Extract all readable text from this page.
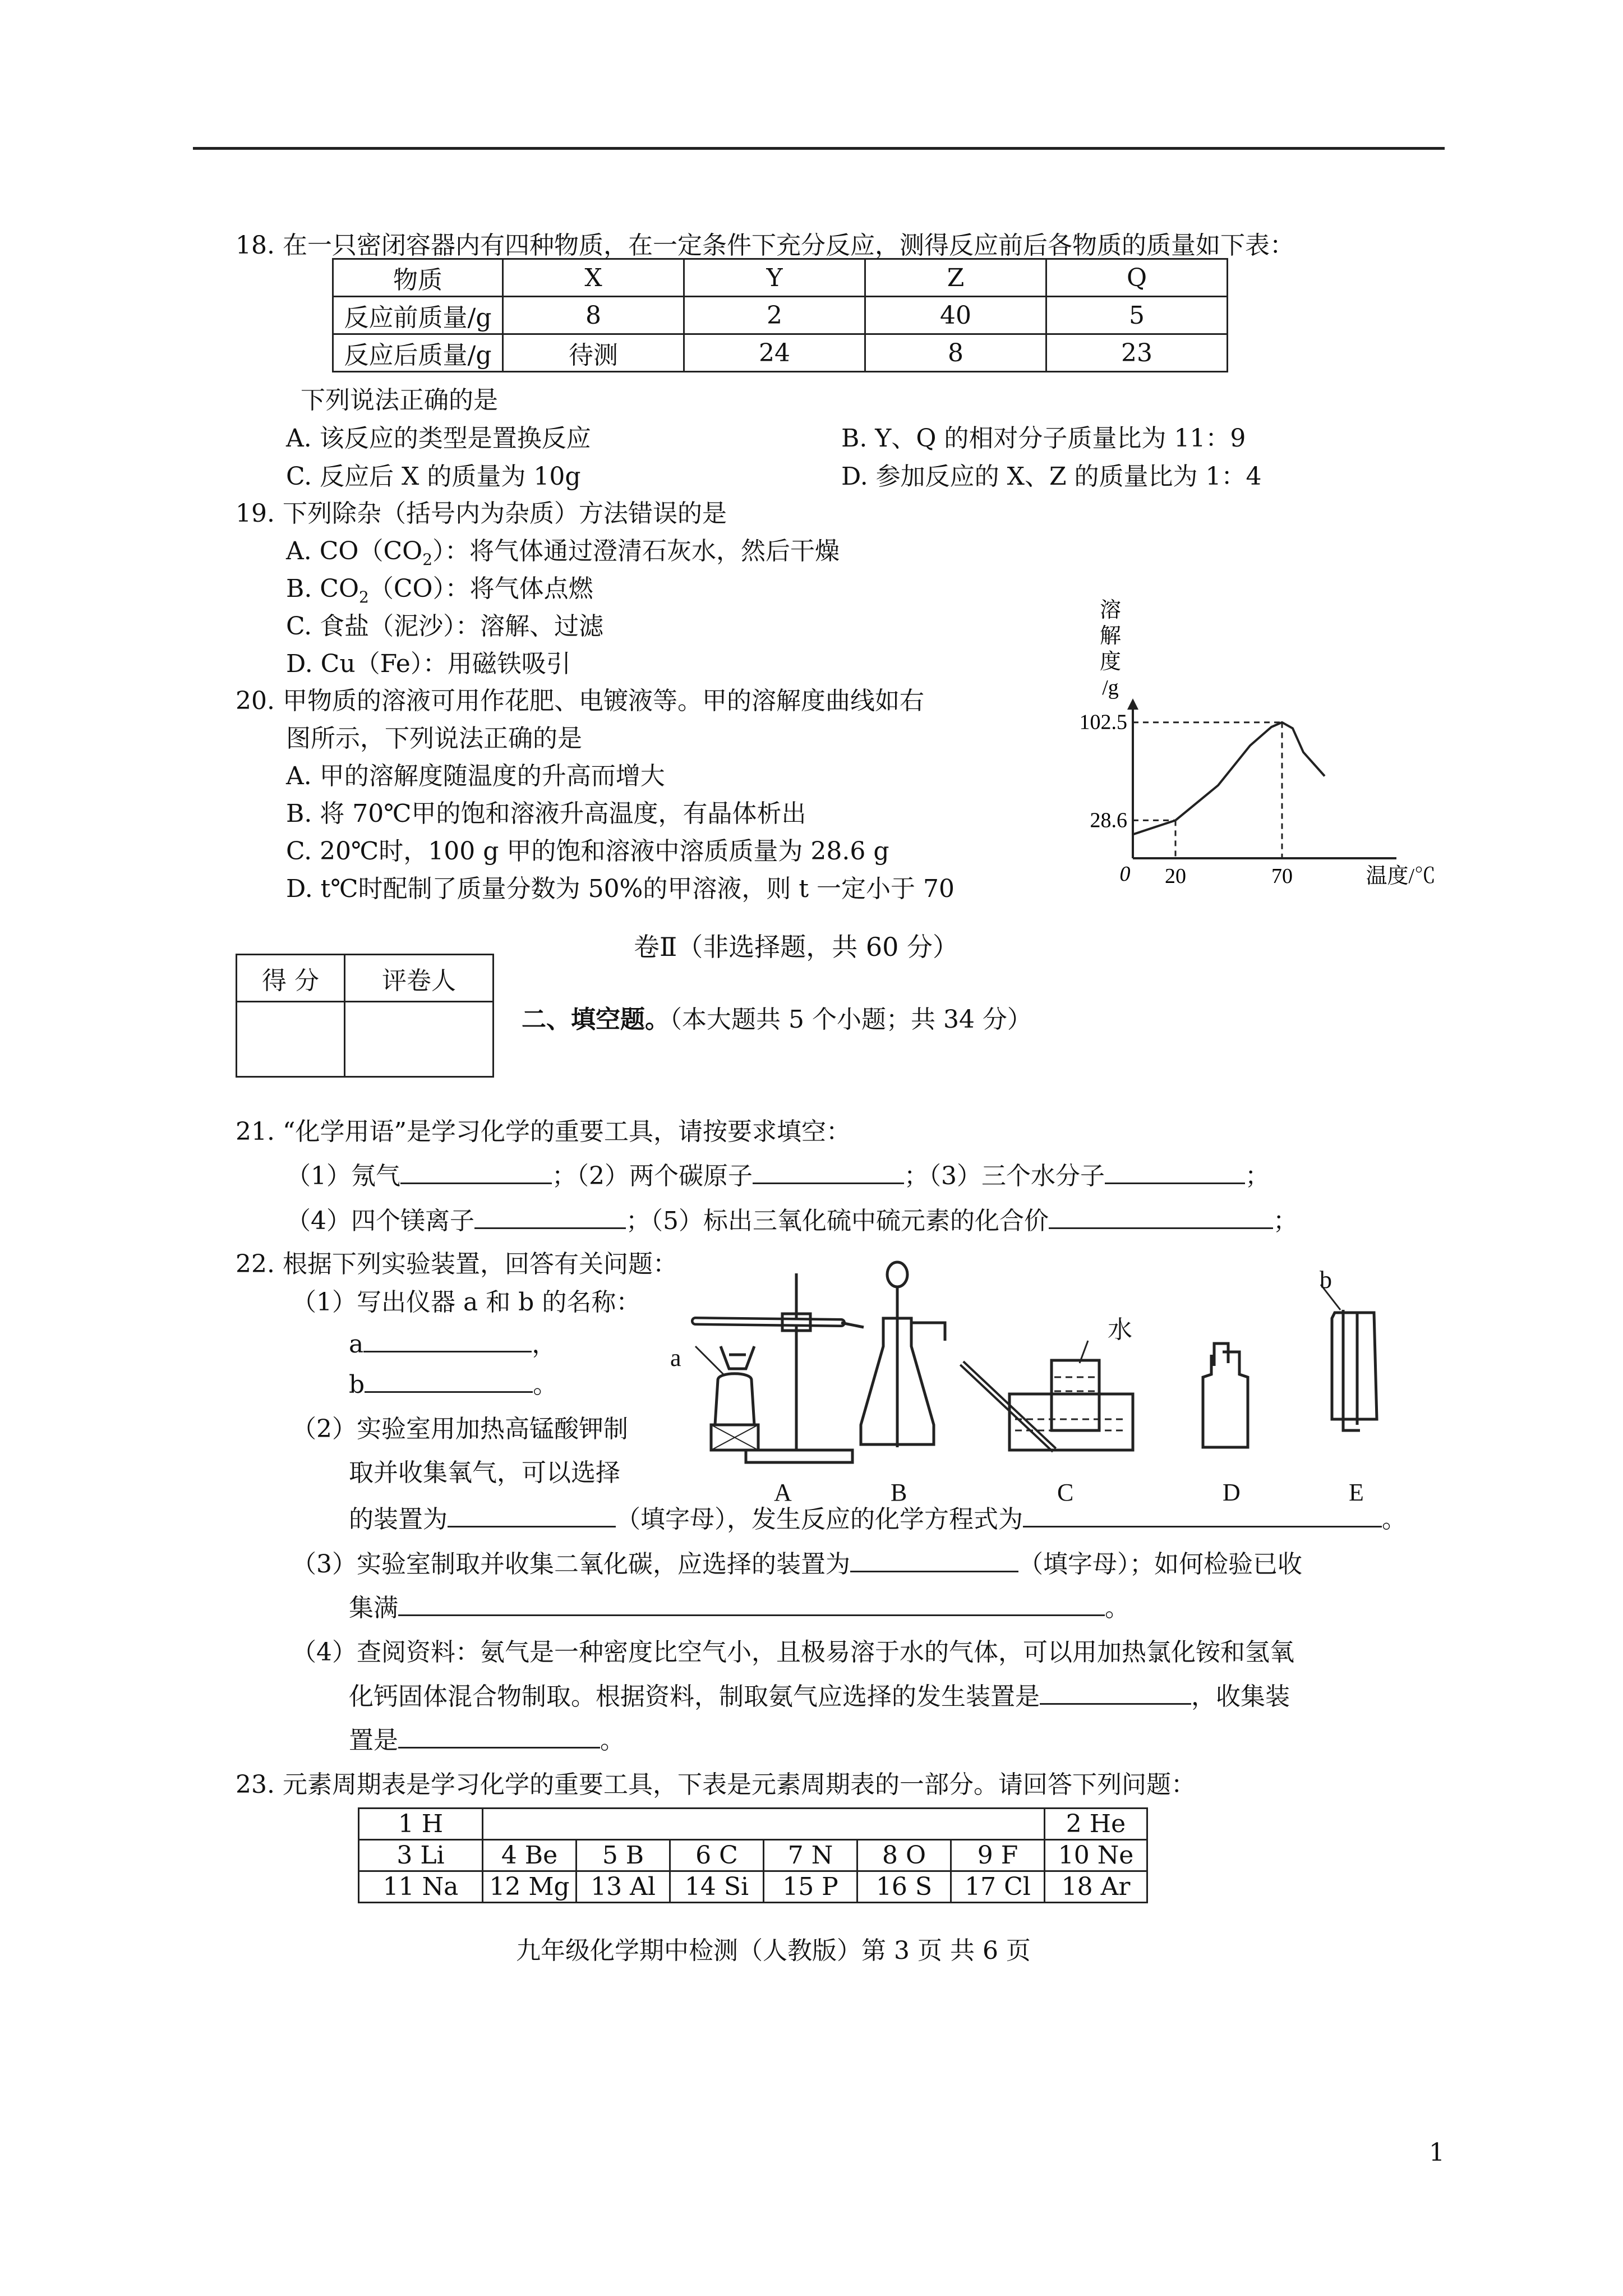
18. 在一只密闭容器内有四种物质，在一定条件下充分反应，测得反应前后各物质的质量如下表：
物质	X	Y	Z	Q
反应前质量/g	8	2	40	5
反应后质量/g	待测	24	8	23
下列说法正确的是
A. 该反应的类型是置换反应	B. Y、Q 的相对分子质量比为 11：9
C. 反应后 X 的质量为 10g	D. 参加反应的 X、Z 的质量比为 1：4
19. 下列除杂（括号内为杂质）方法错误的是
A. $CO(CO_2)$：将气体通过澄清石灰水，然后干燥
B. $CO_2(CO)$：将气体点燃
C. 食盐（泥沙）：溶解、过滤
D. Cu（Fe）：用磁铁吸引
20. 甲物质的溶液可用作花肥、电镀液等。甲的溶解度曲线如右
图所示，下列说法正确的是
A. 甲的溶解度随温度的升高而增大
B. 将 70℃甲的饱和溶液升高温度，有晶体析出
C. 20℃时，100 g 甲的饱和溶液中溶质质量为 28.6 g
D. t℃时配制了质量分数为 50%的甲溶液，则 t 一定小于 70
28.6
102.5
20	70
0	温度/℃
溶
解
度
/g
卷Ⅱ（非选择题，共 60 分）
得 分	评卷人

二、填空题。（本大题共 5 个小题；共 34 分）
21. “化学用语”是学习化学的重要工具，请按要求填空：
（1）氖气	；（2）两个碳原子	；（3）三个水分子	；
（4）四个镁离子	；（5）标出三氧化硫中硫元素的化合价	；
22. 根据下列实验装置，回答有关问题：
（1）写出仪器 a 和 b 的名称：
a	，
b	。
（2）实验室用加热高锰酸钾制
取并收集氧气，可以选择
的装置为	（填字母），发生反应的化学方程式为	。
（3）实验室制取并收集二氧化碳，应选择的装置为	（填字母）；如何检验已收
集满	。
（4）查阅资料：氨气是一种密度比空气小，且极易溶于水的气体，可以用加热氯化铵和氢氧
化钙固体混合物制取。根据资料，制取氨气应选择的发生装置是	，收集装
置是	。
b
a
水
A	B	C	D	E
23. 元素周期表是学习化学的重要工具，下表是元素周期表的一部分。请回答下列问题：
1 H							2 He
3 Li	4 Be	5 B	6 C	7 N	8 O	9 F	10 Ne
11 Na	12 Mg	13 Al	14 Si	15 P	16 S	17 Cl	18 Ar
九年级化学期中检测（人教版）第 3 页 共 6 页
1
